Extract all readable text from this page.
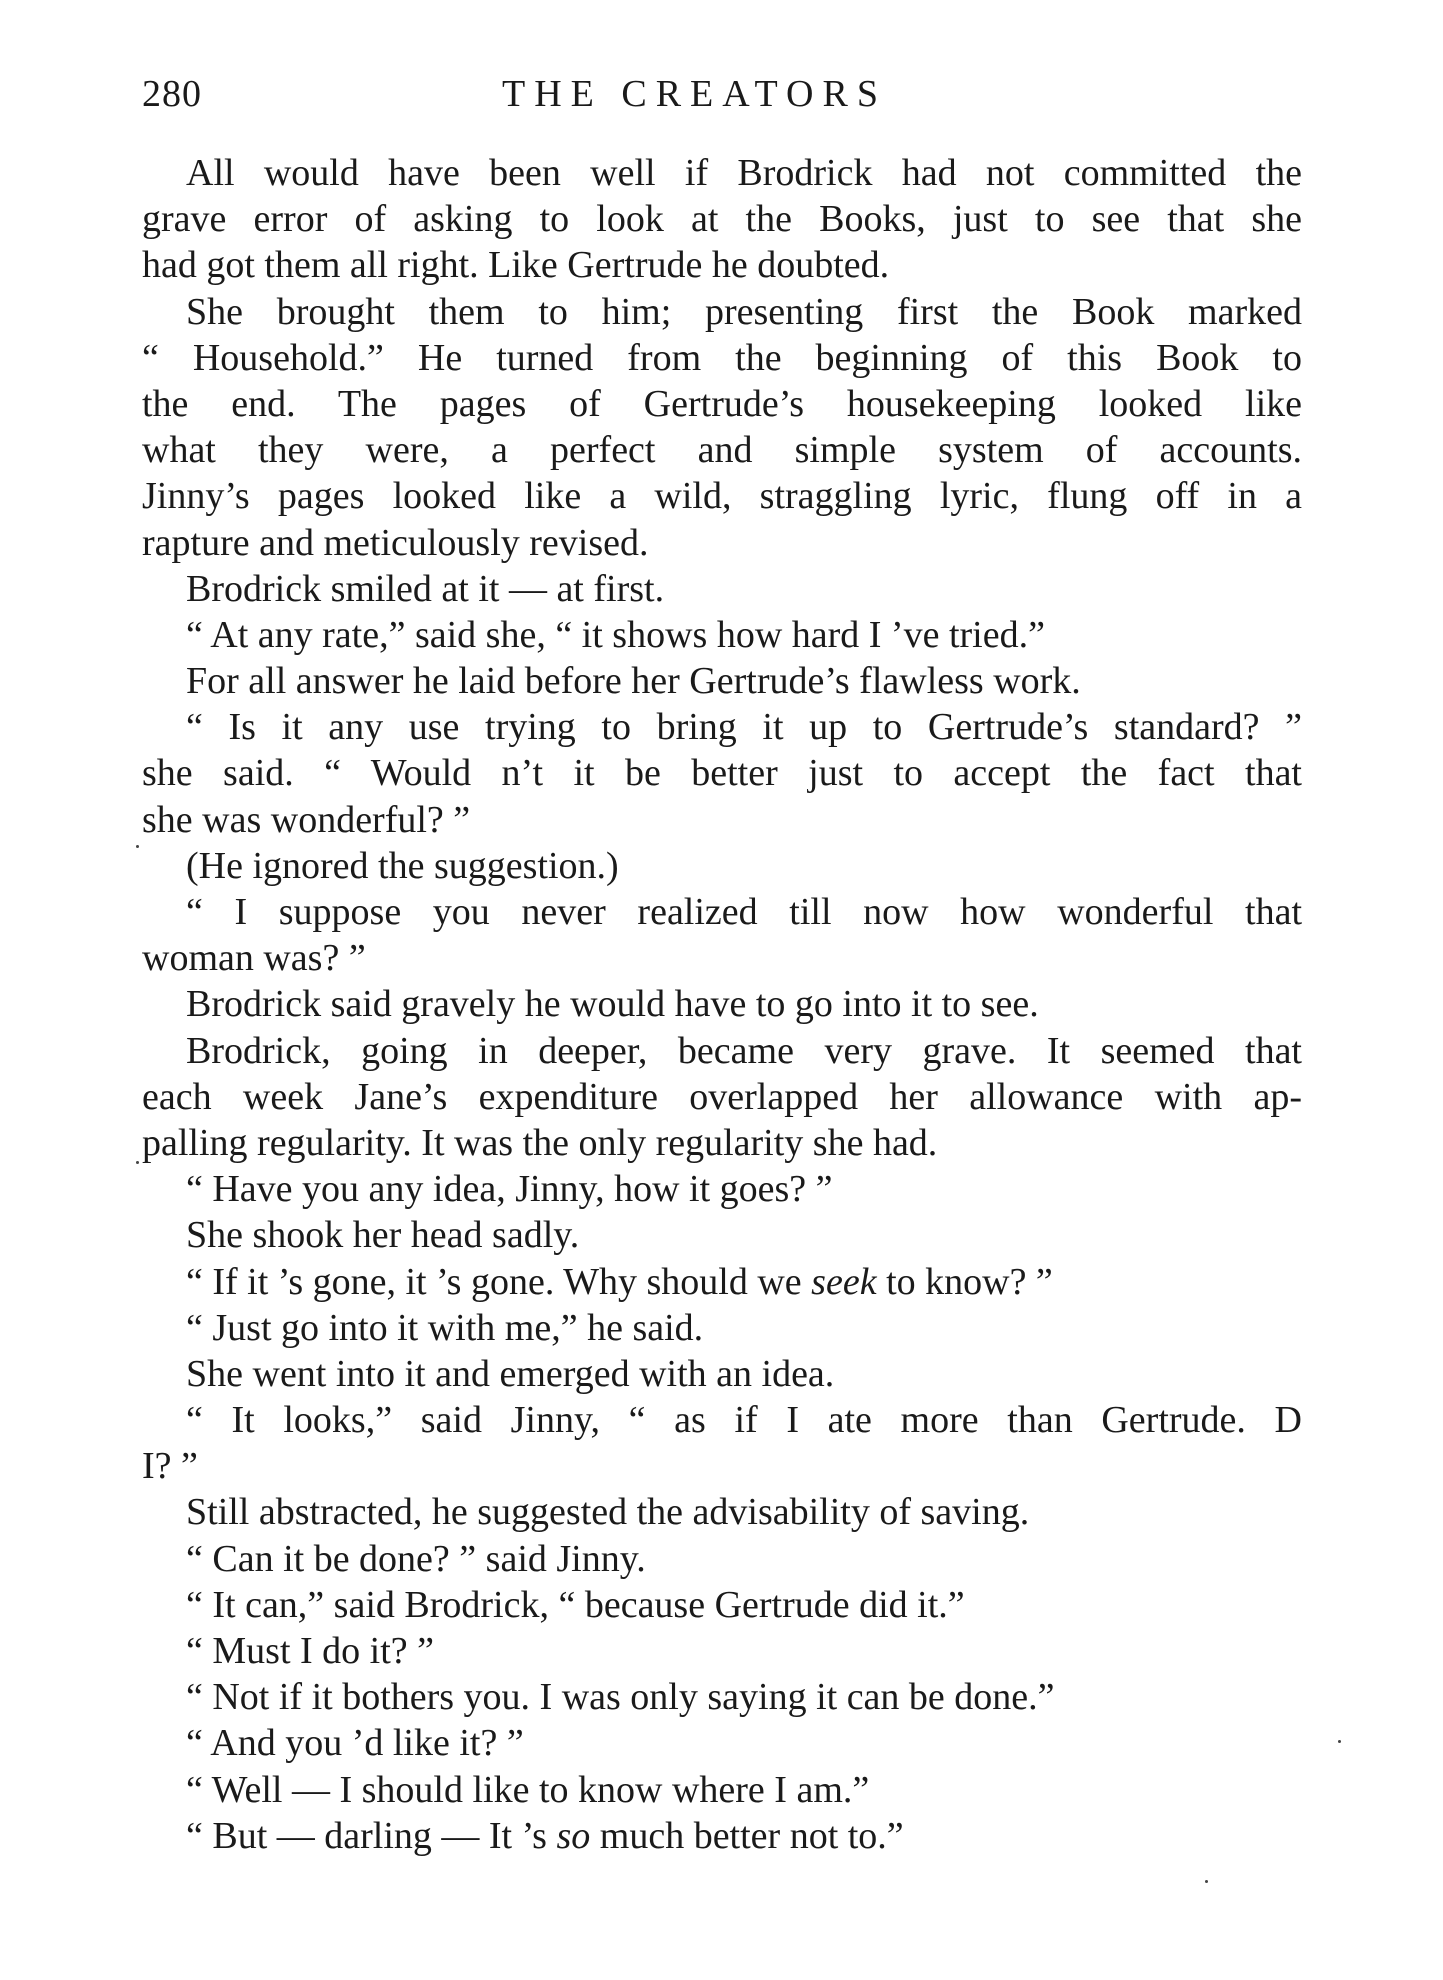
280	THE CREATORS
All would have been well if Brodrick had not committed the
grave error of asking to look at the Books, just to see that she
had got them all right. Like Gertrude he doubted.
She brought them to him; presenting first the Book marked
“ Household.” He turned from the beginning of this Book to
the end. The pages of Gertrude’s housekeeping looked like
what they were, a perfect and simple system of accounts.
Jinny’s pages looked like a wild, straggling lyric, flung off in a
rapture and meticulously revised.
Brodrick smiled at it — at first.
“ At any rate,” said she, “ it shows how hard I ’ve tried.”
For all answer he laid before her Gertrude’s flawless work.
“ Is it any use trying to bring it up to Gertrude’s standard? ”
she said. “ Would n’t it be better just to accept the fact that
she was wonderful? ”
(He ignored the suggestion.)
“ I suppose you never realized till now how wonderful that
woman was? ”
Brodrick said gravely he would have to go into it to see.
Brodrick, going in deeper, became very grave. It seemed that
each week Jane’s expenditure overlapped her allowance with ap-
palling regularity. It was the only regularity she had.
“ Have you any idea, Jinny, how it goes? ”
She shook her head sadly.
“ If it ’s gone, it ’s gone. Why should we seek to know? ”
“ Just go into it with me,” he said.
She went into it and emerged with an idea.
“ It looks,” said Jinny, “ as if I ate more than Gertrude. D
I? ”
Still abstracted, he suggested the advisability of saving.
“ Can it be done? ” said Jinny.
“ It can,” said Brodrick, “ because Gertrude did it.”
“ Must I do it? ”
“ Not if it bothers you. I was only saying it can be done.”
“ And you ’d like it? ”
“ Well — I should like to know where I am.”
“ But — darling — It ’s so much better not to.”
